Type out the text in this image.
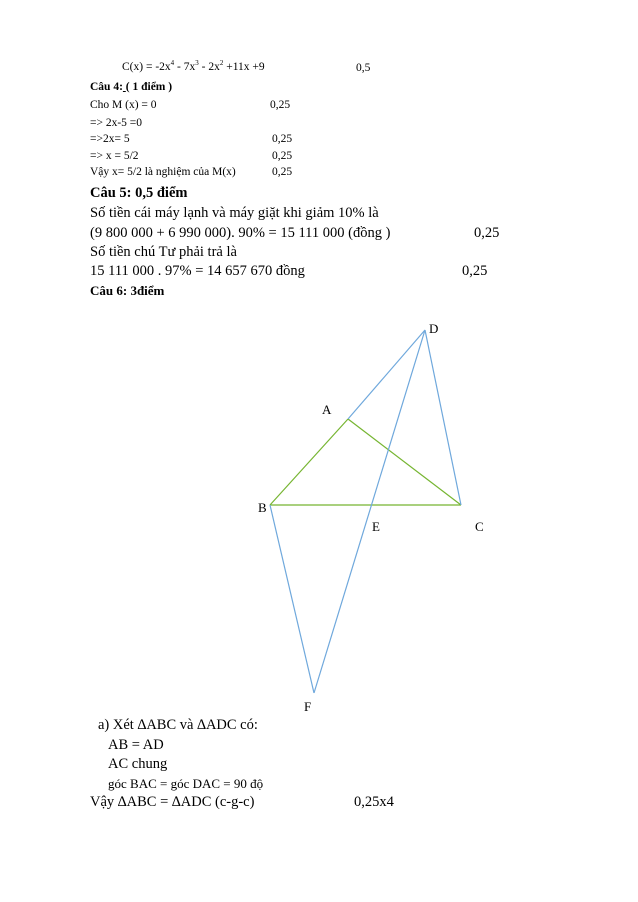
$C(x) = -2x^4 - 7x^3 - 2x^2 +11x +9$	0,5
Câu 4: ( 1 điểm )
Cho M (x) = 0	0,25
=> 2x-5 =0
=>2x= 5	0,25
=> x = 5/2	0,25
Vậy x= 5/2 là nghiệm của M(x)	0,25
Câu 5: 0,5 điểm
Số tiền cái máy lạnh và máy giặt khi giảm 10% là
(9 800 000 + 6 990 000). 90% = 15 111 000 (đồng )	0,25
Số tiền chú Tư phải trả là
15 111 000 . 97% = 14 657 670 đồng	0,25
Câu 6: 3điểm
D
A
B
E	C
F
a) Xét ∆ABC và ∆ADC có:
AB = AD
AC chung
góc BAC = góc DAC = 90 độ
Vậy ∆ABC = ∆ADC (c-g-c)	0,25x4
